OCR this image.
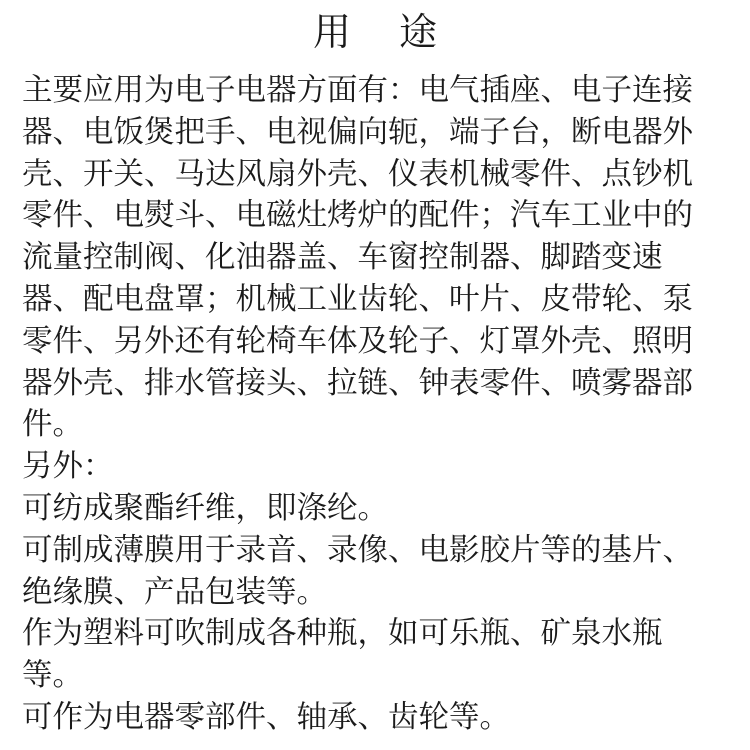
用 途

主要应用为电子电器方面有：电气插座、电子连接器、电饭煲把手、电视偏向轭，端子台，断电器外壳、开关、马达风扇外壳、仪表机械零件、点钞机零件、电熨斗、电磁灶烤炉的配件；汽车工业中的流量控制阀、化油器盖、车窗控制器、脚踏变速器、配电盘罩；机械工业齿轮、叶片、皮带轮、泵零件、另外还有轮椅车体及轮子、灯罩外壳、照明器外壳、排水管接头、拉链、钟表零件、喷雾器部件。

另外：

可纺成聚酯纤维，即涤纶。

可制成薄膜用于录音、录像、电影胶片等的基片、绝缘膜、产品包装等。

作为塑料可吹制成各种瓶，如可乐瓶、矿泉水瓶等。

可作为电器零部件、轴承、齿轮等。
